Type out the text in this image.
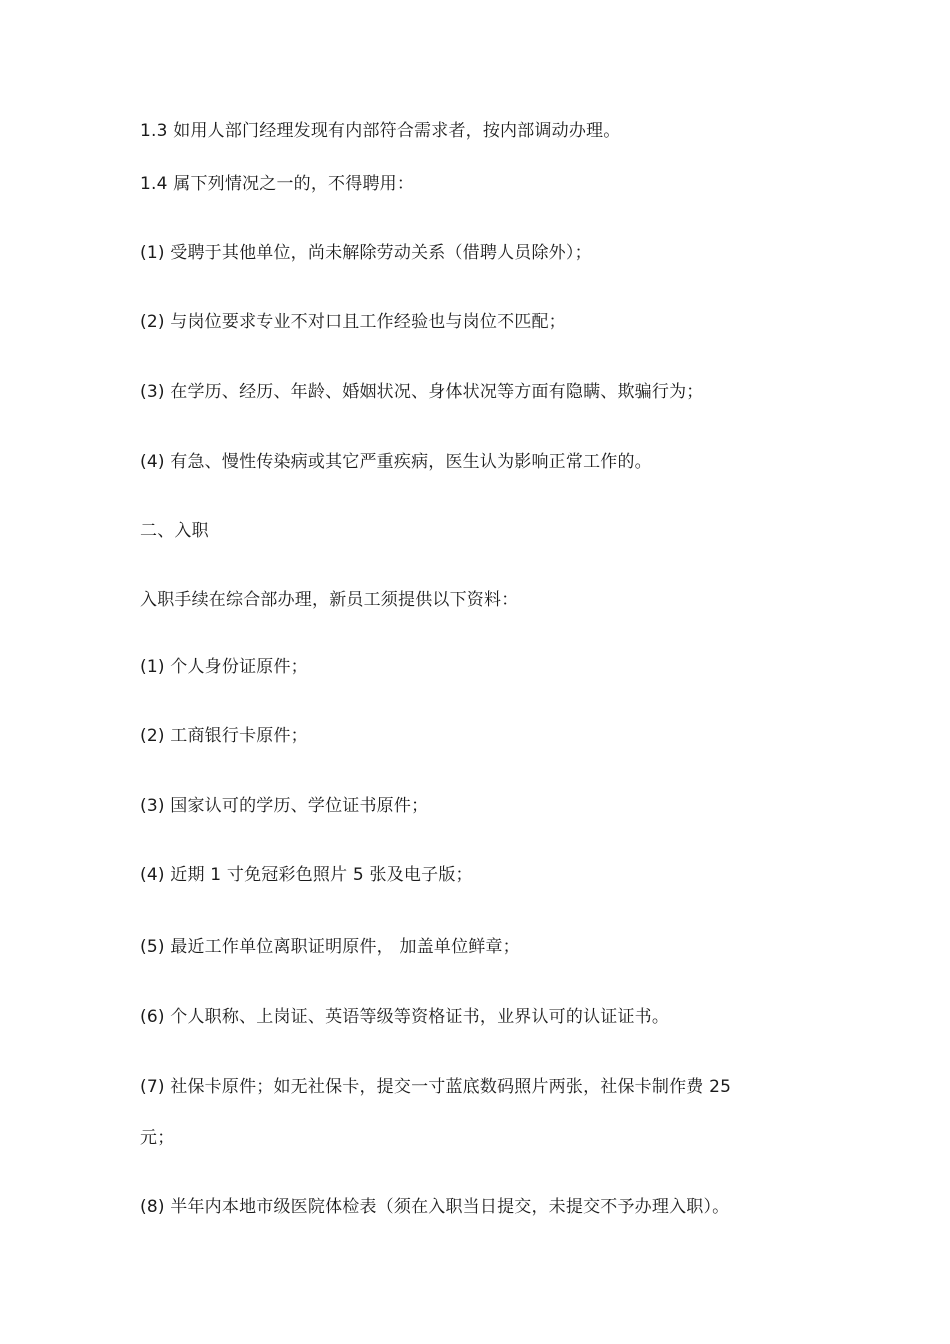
1.3 如用人部门经理发现有内部符合需求者，按内部调动办理。
1.4 属下列情况之一的，不得聘用：
(1) 受聘于其他单位，尚未解除劳动关系（借聘人员除外）；
(2) 与岗位要求专业不对口且工作经验也与岗位不匹配；
(3) 在学历、经历、年龄、婚姻状况、身体状况等方面有隐瞒、欺骗行为；
(4) 有急、慢性传染病或其它严重疾病，医生认为影响正常工作的。
二、入职
入职手续在综合部办理，新员工须提供以下资料：
(1) 个人身份证原件；
(2) 工商银行卡原件；
(3) 国家认可的学历、学位证书原件；
(4) 近期 1 寸免冠彩色照片 5 张及电子版；
(5) 最近工作单位离职证明原件， 加盖单位鲜章；
(6) 个人职称、上岗证、英语等级等资格证书，业界认可的认证证书。
(7) 社保卡原件；如无社保卡，提交一寸蓝底数码照片两张，社保卡制作费 25
元；
(8) 半年内本地市级医院体检表（须在入职当日提交，未提交不予办理入职）。
